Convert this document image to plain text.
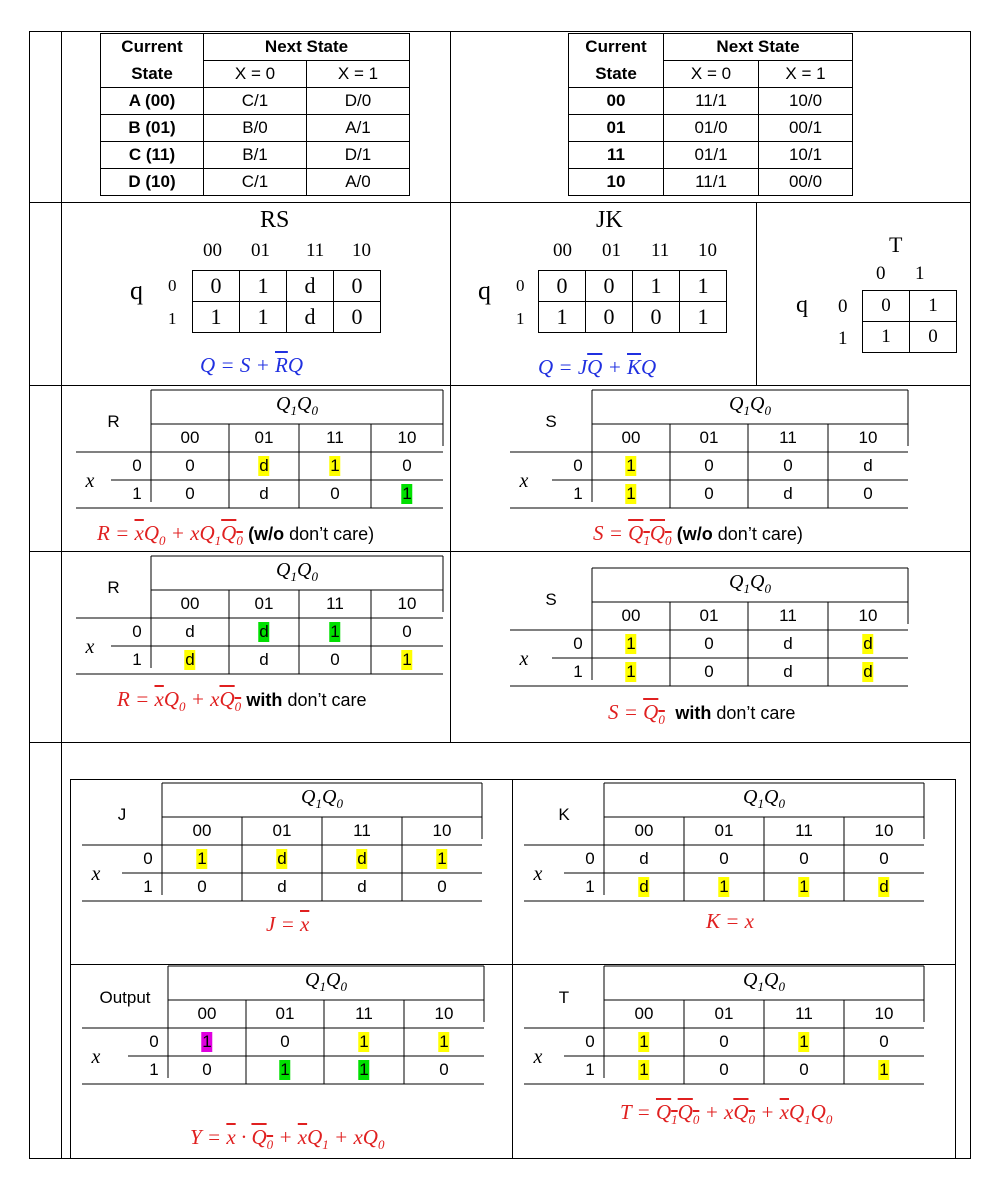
Current	Next State	
State	X = 0	X = 1
A (00)	C/1	D/0
B (01)	B/0	A/1
C (11)	B/1	D/1
D (10)	C/1	A/0
Current	Next State	
State	X = 0	X = 1
00	11/1	10/0
01	01/0	00/1
11	01/1	10/1
10	11/1	00/0
RS
00 01 11 10
q 0
1
0	1	d	0
1	1	d	0
$Q = S + \overline{R}Q$
JK
00 01 11 10
q 0
1
0	0	1	1
1	0	0	1
$Q = J\overline{Q} + \overline{K}Q$
T
0 1
q 0
1
0	1
1	0
R
$Q_1Q_0$
00	01	11	10
x
0	0	d	1	0
1	0	d	0	1
S
$Q_1Q_0$
00	01	11	10
x
0	1	0	0	d
1	1	0	d	0
R
$Q_1Q_0$
00	01	11	10
x
0	d	d	1	0
1	d	d	0	1
S
$Q_1Q_0$
00	01	11	10
x
0	1	0	d	d
1	1	0	d	d
J
$Q_1Q_0$
00	01	11	10
x
0	1	d	d	1
1	0	d	d	0
K
$Q_1Q_0$
00	01	11	10
x
0	d	0	0	0
1	d	1	1	d
Output
$Q_1Q_0$
00	01	11	10
x
0	1	0	1	1
1	0	1	1	0
T
$Q_1Q_0$
00	01	11	10
x
0	1	0	1	0
1	1	0	0	1
$R = \overline{x}Q_0 + xQ_1Q_0$ (w/o don’t care)	$S = Q_1Q_0$ (w/o don’t care)
$R = \overline{x}Q_0 + xQ_0$ with don’t care	$S = Q_0$ with don’t care
$J = \overline{x}$	K = x
$Y = \overline{x} \cdot Q_0 + \overline{x}Q_1 + xQ_0$
$T = Q_1Q_0 + xQ_0 + \overline{x}Q_1Q_0$
